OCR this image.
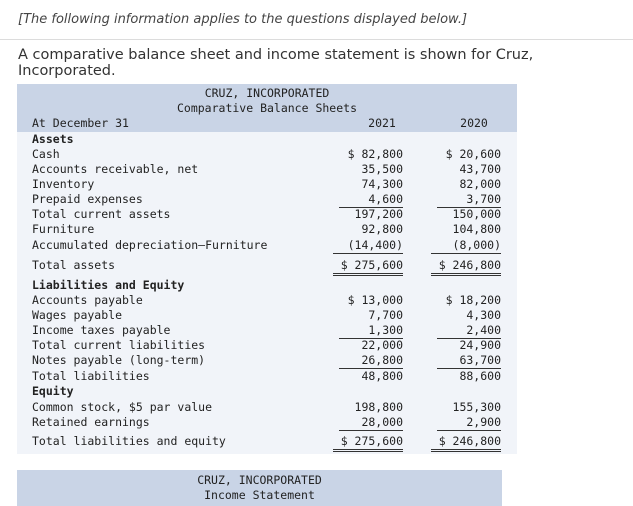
[The following information applies to the questions displayed below.]
A comparative balance sheet and income statement is shown for Cruz, Incorporated.
CRUZ, INCORPORATED
Comparative Balance Sheets
At December 31	2021	2020
Assets
Cash	$ 82,800	$ 20,600
Accounts receivable, net	35,500	43,700
Inventory	74,300	82,000
Prepaid expenses	4,600	3,700
Total current assets	197,200	150,000
Furniture	92,800	104,800
Accumulated depreciation—Furniture	(14,400)	(8,000)
Total assets	$ 275,600	$ 246,800
Liabilities and Equity
Accounts payable	$ 13,000	$ 18,200
Wages payable	7,700	4,300
Income taxes payable	1,300	2,400
Total current liabilities	22,000	24,900
Notes payable (long-term)	26,800	63,700
Total liabilities	48,800	88,600
Equity
Common stock, $5 par value	198,800	155,300
Retained earnings	28,000	2,900
Total liabilities and equity	$ 275,600	$ 246,800
CRUZ, INCORPORATED
Income Statement
